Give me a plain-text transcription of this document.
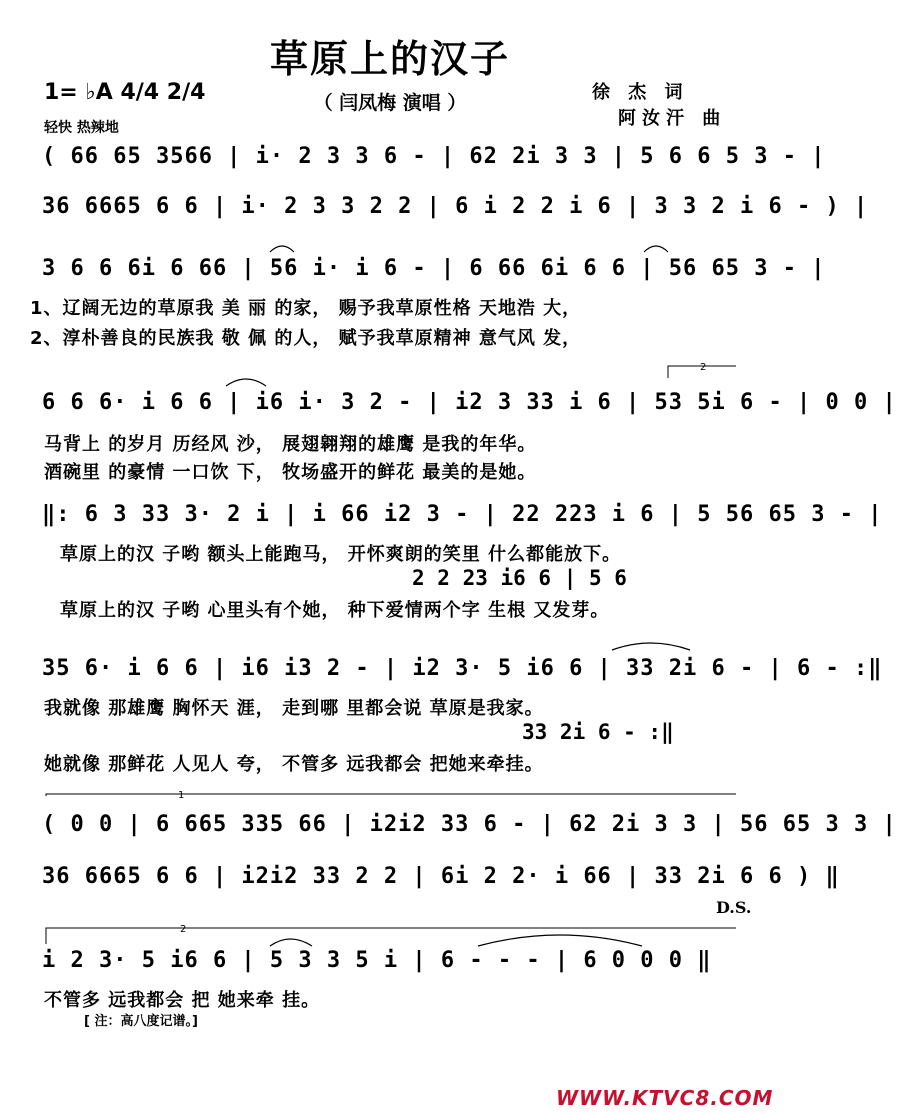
草原上的汉子
（ 闫凤梅 演唱 ）
1= ♭A 4/4 2/4
轻快 热辣地
徐 杰 词
阿汝汗 曲
( 66 65 3566 | i· 2 3 3 6 - | 62 2i 3 3 | 5 6 6 5 3 - |
36 6665 6 6 | i· 2 3 3 2 2 | 6 i 2 2 i 6 | 3 3 2 i 6 - ) |
3 6 6 6i 6 66 | 56 i· i 6 - | 6 66 6i 6 6 | 56 65 3 - |
1、辽阔无边的草原我 美 丽 的家， 赐予我草原性格 天地浩 大，
2、淳朴善良的民族我 敬 佩 的人， 赋予我草原精神 意气风 发，
6 6 6· i 6 6 | i6 i· 3 2 - | i2 3 33 i 6 | 53 5i 6 - | 0 0 |
马背上 的岁月 历经风 沙， 展翅翱翔的雄鹰 是我的年华。
酒碗里 的豪情 一口饮 下， 牧场盛开的鲜花 最美的是她。
‖: 6 3 33 3· 2 i | i 66 i2 3 - | 22 223 i 6 | 5 56 65 3 - |
草原上的汉 子哟 额头上能跑马， 开怀爽朗的笑里 什么都能放下。
2 2 23 i6 6 | 5 6
草原上的汉 子哟 心里头有个她， 种下爱情两个字 生根 又发芽。
35 6· i 6 6 | i6 i3 2 - | i2 3· 5 i6 6 | 33 2i 6 - | 6 - :‖
我就像 那雄鹰 胸怀天 涯， 走到哪 里都会说 草原是我家。
33 2i 6 - :‖
她就像 那鲜花 人见人 夸， 不管多 远我都会 把她来牵挂。
( 0 0 | 6 665 335 66 | i2i2 33 6 - | 62 2i 3 3 | 56 65 3 3 |
36 6665 6 6 | i2i2 33 2 2 | 6i 2 2· i 66 | 33 2i 6 6 ) ‖
D.S.
i 2 3· 5 i6 6 | 5 3 3 5 i | 6 - - - | 6 0 0 0 ‖
不管多 远我都会 把 她来牵 挂。
[ 注：高八度记谱。]
WWW.KTVC8.COM
2
1
2
